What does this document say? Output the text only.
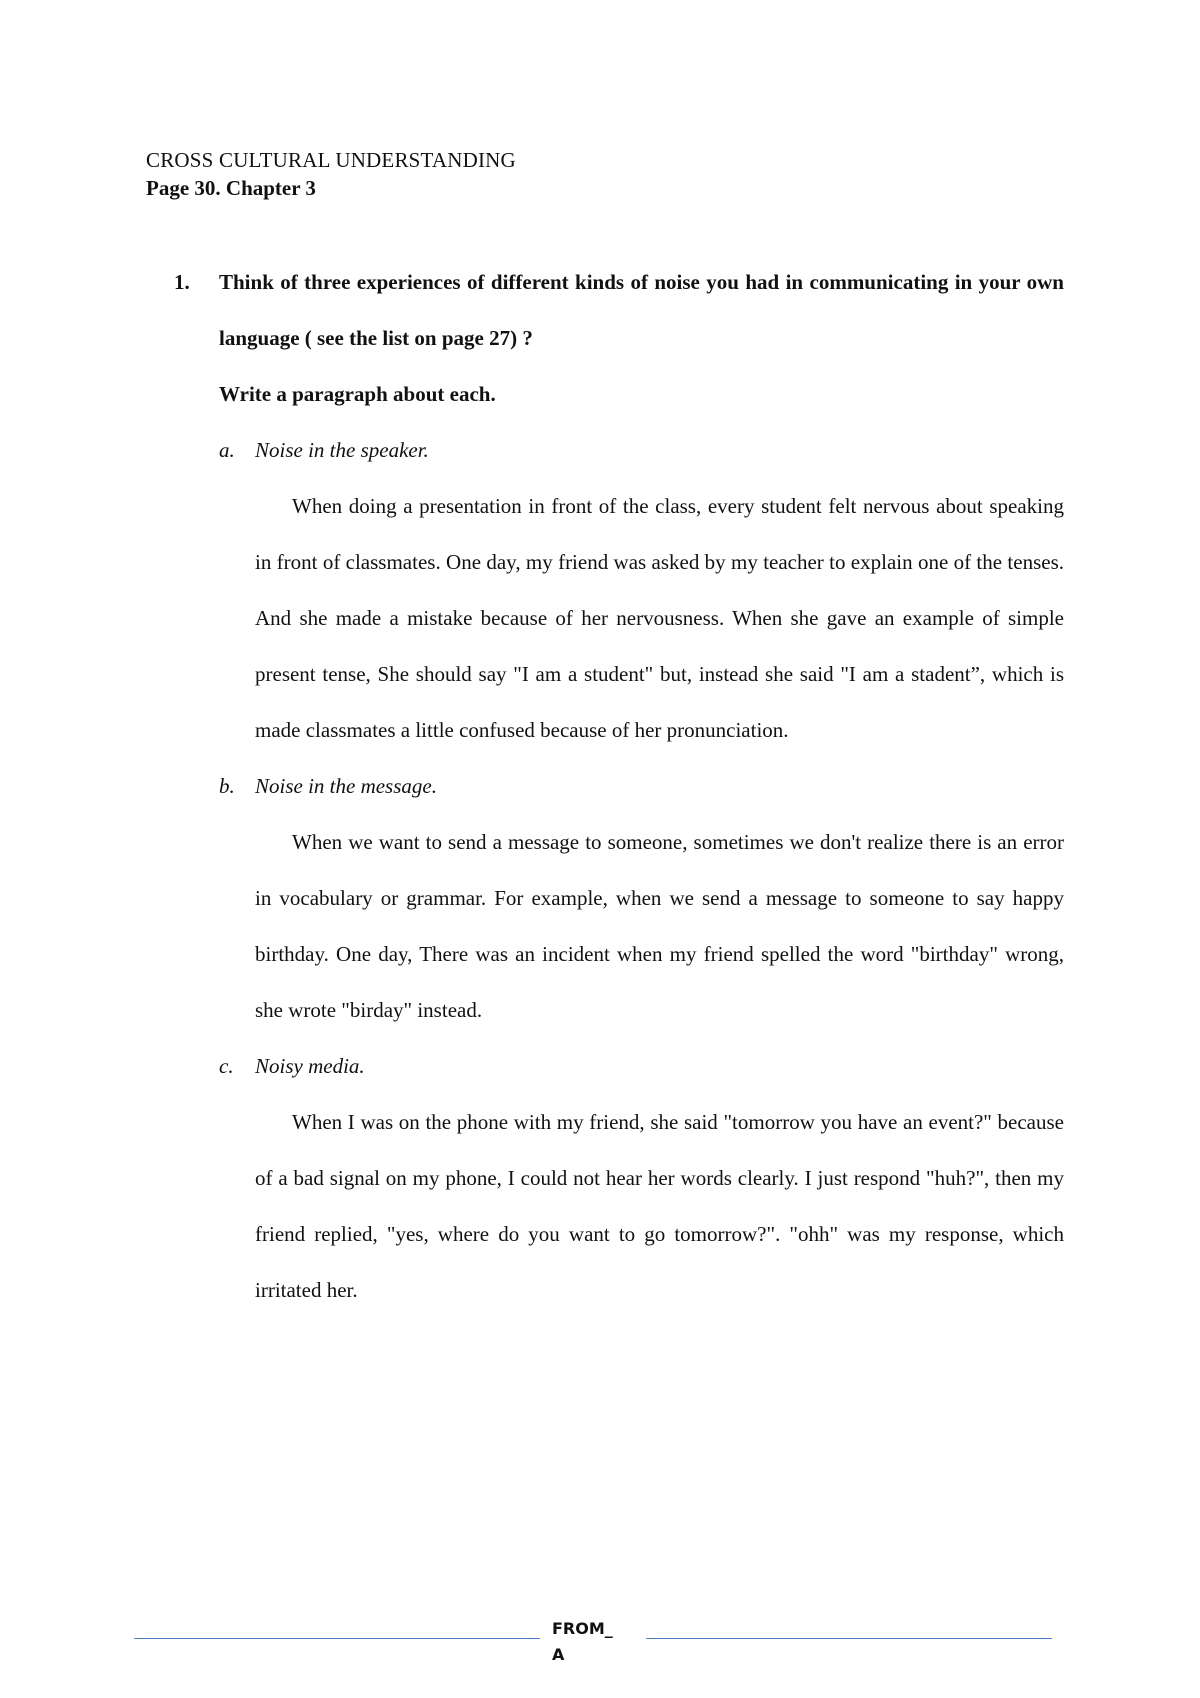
CROSS CULTURAL UNDERSTANDING
Page 30. Chapter 3
1. Think of three experiences of different kinds of noise you had in communicating in your own language ( see the list on page 27) ?
Write a paragraph about each.
a. Noise in the speaker.
When doing a presentation in front of the class, every student felt nervous about speaking in front of classmates. One day, my friend was asked by my teacher to explain one of the tenses. And she made a mistake because of her nervousness. When she gave an example of simple present tense, She should say "I am a student" but, instead she said "I am a stadent”, which is made classmates a little confused because of her pronunciation.
b. Noise in the message.
When we want to send a message to someone, sometimes we don't realize there is an error in vocabulary or grammar. For example, when we send a message to someone to say happy birthday. One day, There was an incident when my friend spelled the word "birthday" wrong, she wrote "birday" instead.
c. Noisy media.
When I was on the phone with my friend, she said "tomorrow you have an event?" because of a bad signal on my phone, I could not hear her words clearly. I just respond "huh?", then my friend replied, "yes, where do you want to go tomorrow?". "ohh" was my response, which irritated her.
FROM_
A
